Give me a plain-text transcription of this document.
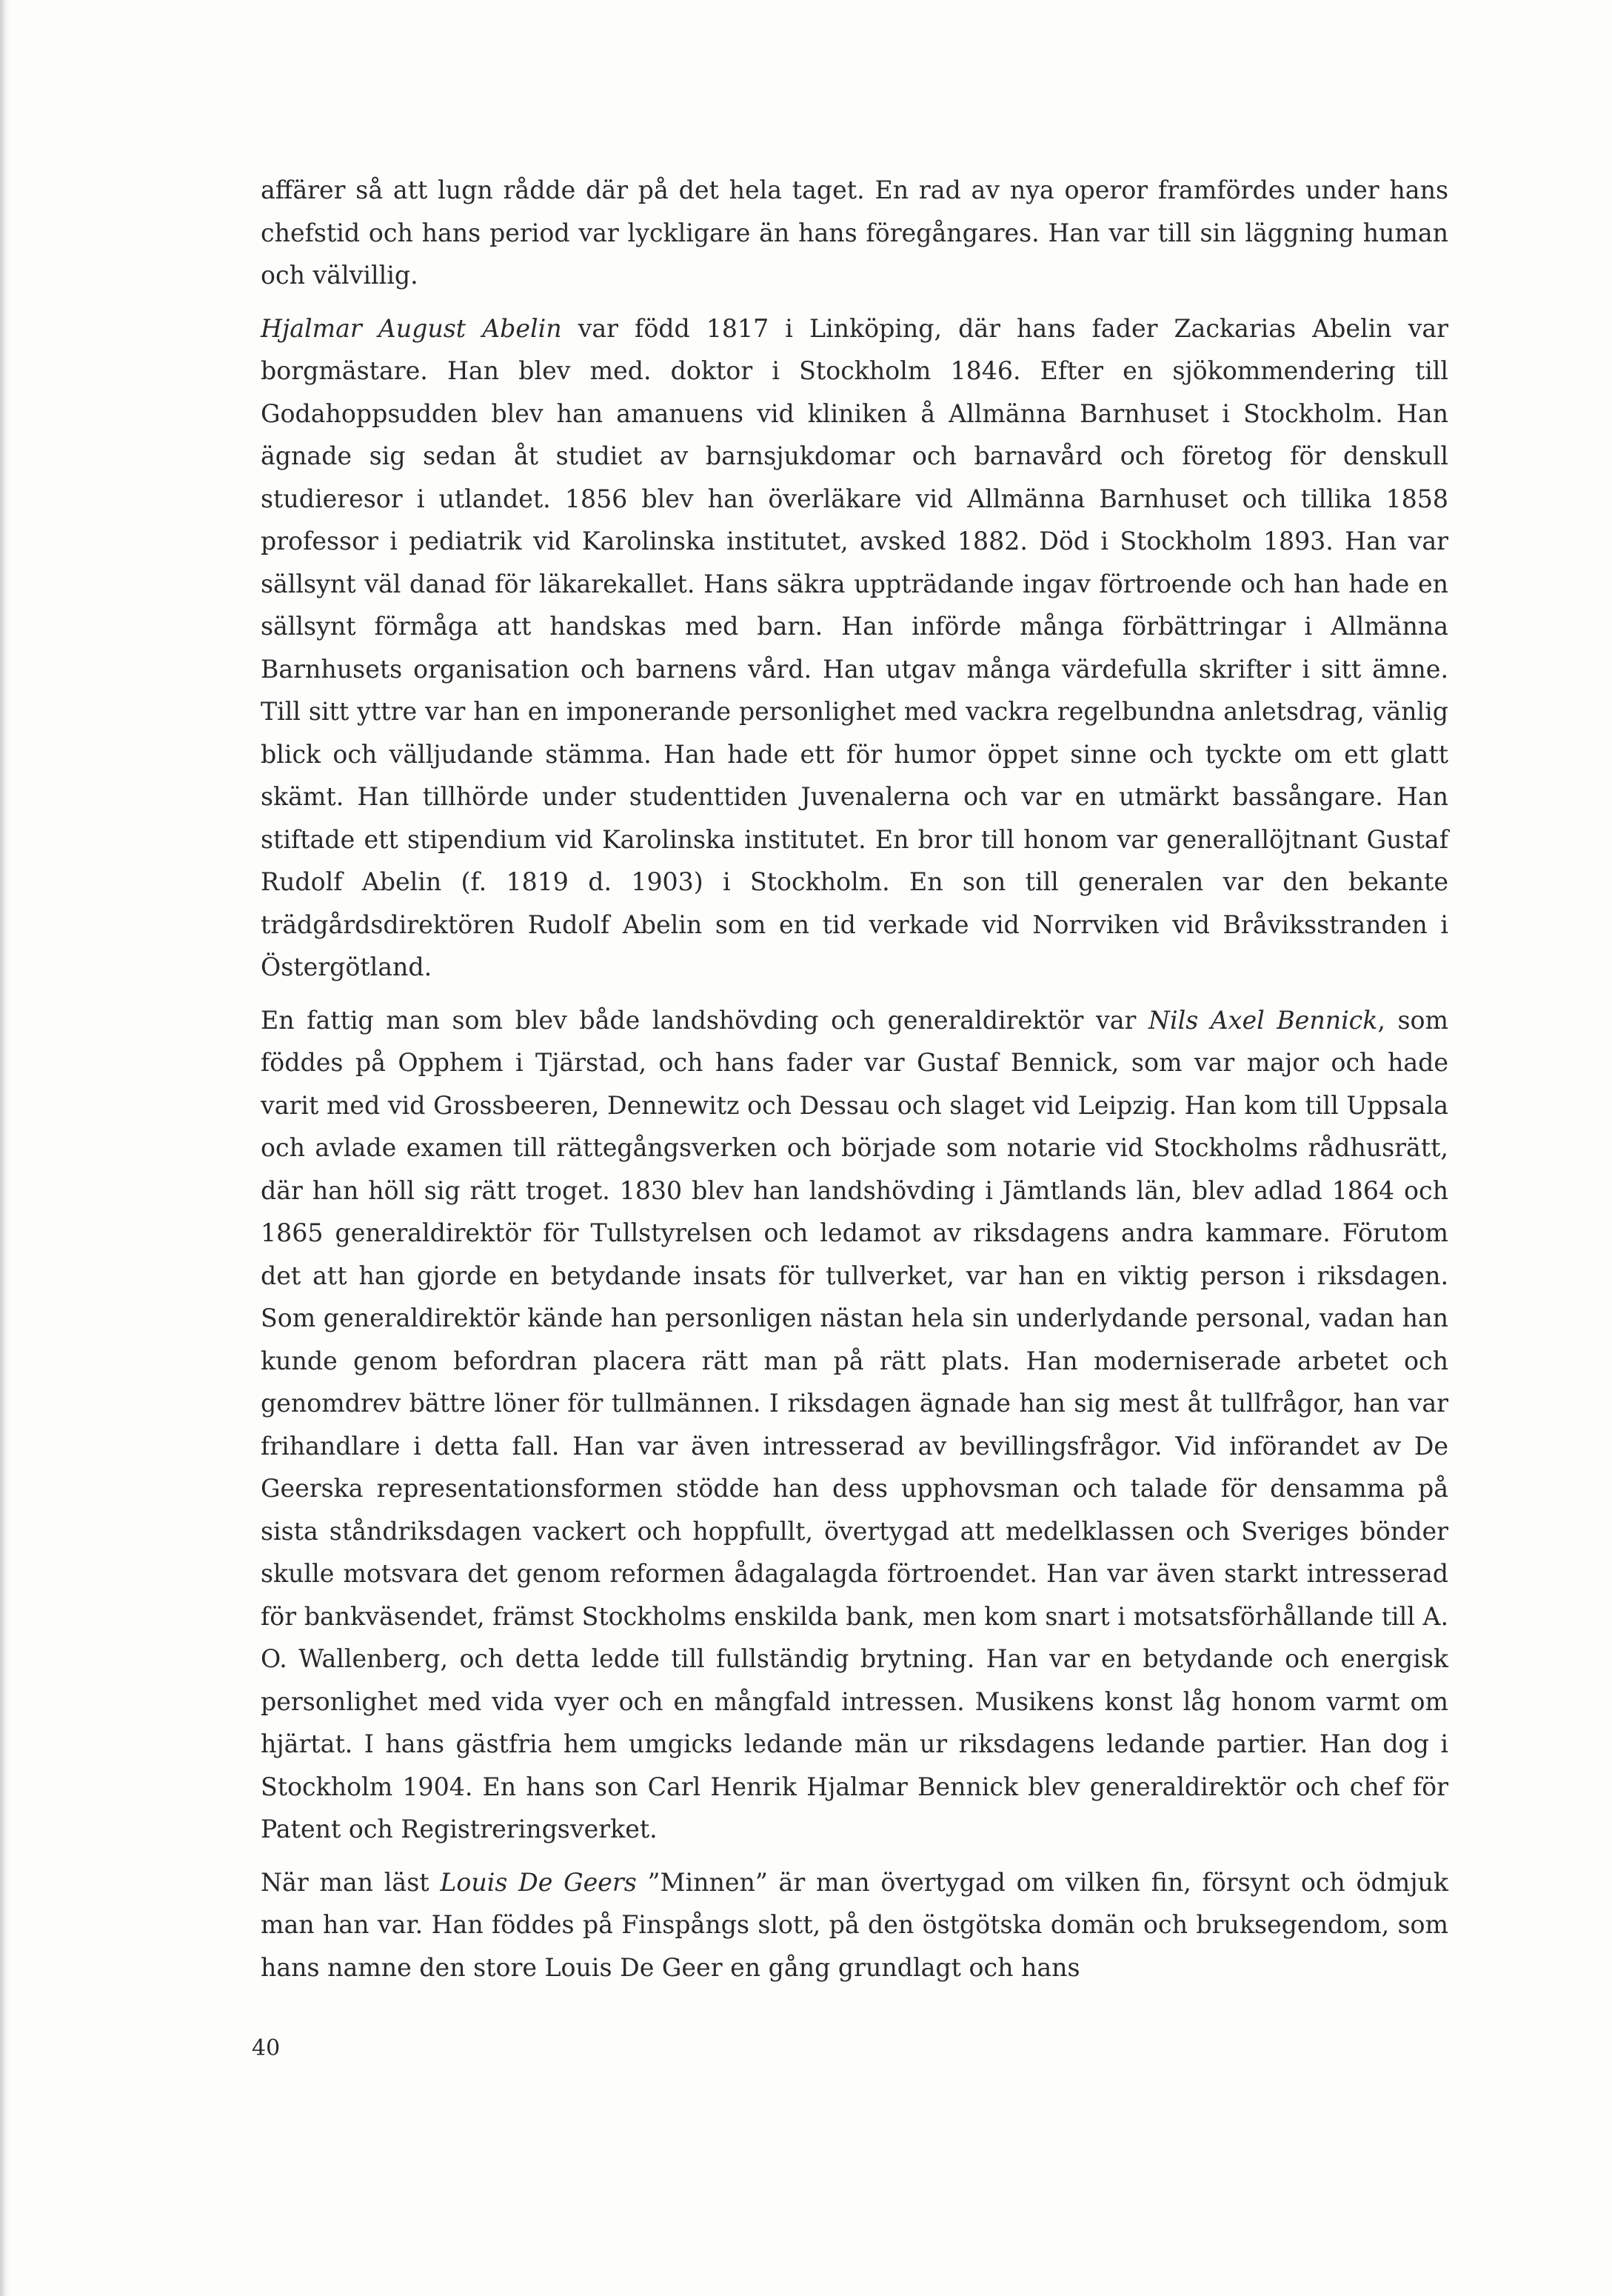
affärer så att lugn rådde där på det hela taget. En rad av nya operor framfördes under hans chefstid och hans period var lyckligare än hans föregångares. Han var till sin läggning human och välvillig.

Hjalmar August Abelin var född 1817 i Linköping, där hans fader Zackarias Abelin var borgmästare. Han blev med. doktor i Stockholm 1846. Efter en sjökommendering till Godahoppsudden blev han amanuens vid kliniken å Allmänna Barnhuset i Stockholm. Han ägnade sig sedan åt studiet av barnsjukdomar och barnavård och företog för denskull studieresor i utlandet. 1856 blev han överläkare vid Allmänna Barnhuset och tillika 1858 professor i pediatrik vid Karolinska institutet, avsked 1882. Död i Stockholm 1893. Han var sällsynt väl danad för läkarekallet. Hans säkra uppträdande ingav förtroende och han hade en sällsynt förmåga att handskas med barn. Han införde många förbättringar i Allmänna Barnhusets organisation och barnens vård. Han utgav många värdefulla skrifter i sitt ämne. Till sitt yttre var han en imponerande personlighet med vackra regelbundna anletsdrag, vänlig blick och välljudande stämma. Han hade ett för humor öppet sinne och tyckte om ett glatt skämt. Han tillhörde under studenttiden Juvenalerna och var en utmärkt bassångare. Han stiftade ett stipendium vid Karolinska institutet. En bror till honom var generallöjtnant Gustaf Rudolf Abelin (f. 1819 d. 1903) i Stockholm. En son till generalen var den bekante trädgårdsdirektören Rudolf Abelin som en tid verkade vid Norrviken vid Bråviksstranden i Östergötland.

En fattig man som blev både landshövding och generaldirektör var Nils Axel Bennick, som föddes på Opphem i Tjärstad, och hans fader var Gustaf Bennick, som var major och hade varit med vid Grossbeeren, Dennewitz och Dessau och slaget vid Leipzig. Han kom till Uppsala och avlade examen till rättegångsverken och började som notarie vid Stockholms rådhusrätt, där han höll sig rätt troget. 1830 blev han landshövding i Jämtlands län, blev adlad 1864 och 1865 generaldirektör för Tullstyrelsen och ledamot av riksdagens andra kammare. Förutom det att han gjorde en betydande insats för tullverket, var han en viktig person i riksdagen. Som generaldirektör kände han personligen nästan hela sin underlydande personal, vadan han kunde genom befordran placera rätt man på rätt plats. Han moderniserade arbetet och genomdrev bättre löner för tullmännen. I riksdagen ägnade han sig mest åt tullfrågor, han var frihandlare i detta fall. Han var även intresserad av bevillingsfrågor. Vid införandet av De Geerska representationsformen stödde han dess upphovsman och talade för densamma på sista ståndriksdagen vackert och hoppfullt, övertygad att medelklassen och Sveriges bönder skulle motsvara det genom reformen ådagalagda förtroendet. Han var även starkt intresserad för bankväsendet, främst Stockholms enskilda bank, men kom snart i motsatsförhållande till A. O. Wallenberg, och detta ledde till fullständig brytning. Han var en betydande och energisk personlighet med vida vyer och en mångfald intressen. Musikens konst låg honom varmt om hjärtat. I hans gästfria hem umgicks ledande män ur riksdagens ledande partier. Han dog i Stockholm 1904. En hans son Carl Henrik Hjalmar Bennick blev generaldirektör och chef för Patent och Registreringsverket.

När man läst Louis De Geers ”Minnen” är man övertygad om vilken fin, försynt och ödmjuk man han var. Han föddes på Finspångs slott, på den östgötska domän och bruksegendom, som hans namne den store Louis De Geer en gång grundlagt och hans

40
